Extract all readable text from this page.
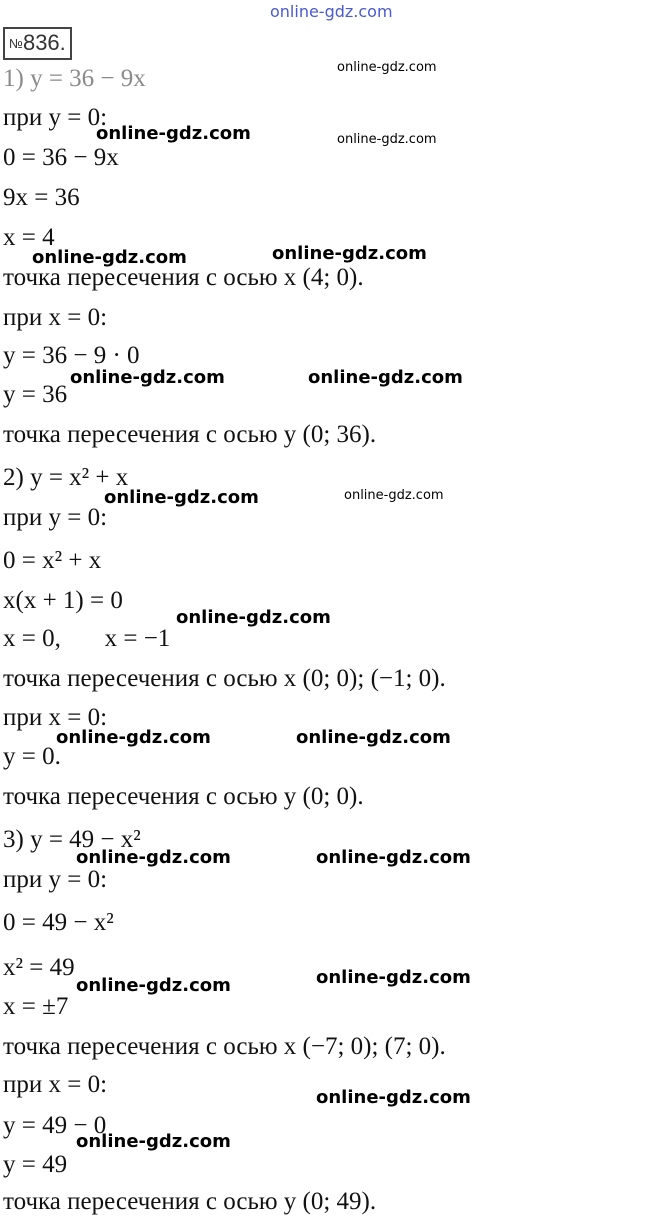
online-gdz.com
№836.
1) y = 36 − 9x
при y = 0:
0 = 36 − 9x
9x = 36
x = 4
точка пересечения с осью x (4; 0).
при x = 0:
y = 36 − 9 · 0
y = 36
точка пересечения с осью y (0; 36).
2) y = x² + x
при y = 0:
0 = x² + x
x(x + 1) = 0
x = 0,       x = −1
точка пересечения с осью x (0; 0); (−1; 0).
при x = 0:
y = 0.
точка пересечения с осью y (0; 0).
3) y = 49 − x²
при y = 0:
0 = 49 − x²
x² = 49
x = ±7
точка пересечения с осью x (−7; 0); (7; 0).
при x = 0:
y = 49 − 0
y = 49
точка пересечения с осью y (0; 49).
online-gdz.com
online-gdz.com	online-gdz.com
online-gdz.com	online-gdz.com
online-gdz.com	online-gdz.com
online-gdz.com	online-gdz.com
online-gdz.com
online-gdz.com	online-gdz.com
online-gdz.com	online-gdz.com
online-gdz.com	online-gdz.com
online-gdz.com
online-gdz.com
